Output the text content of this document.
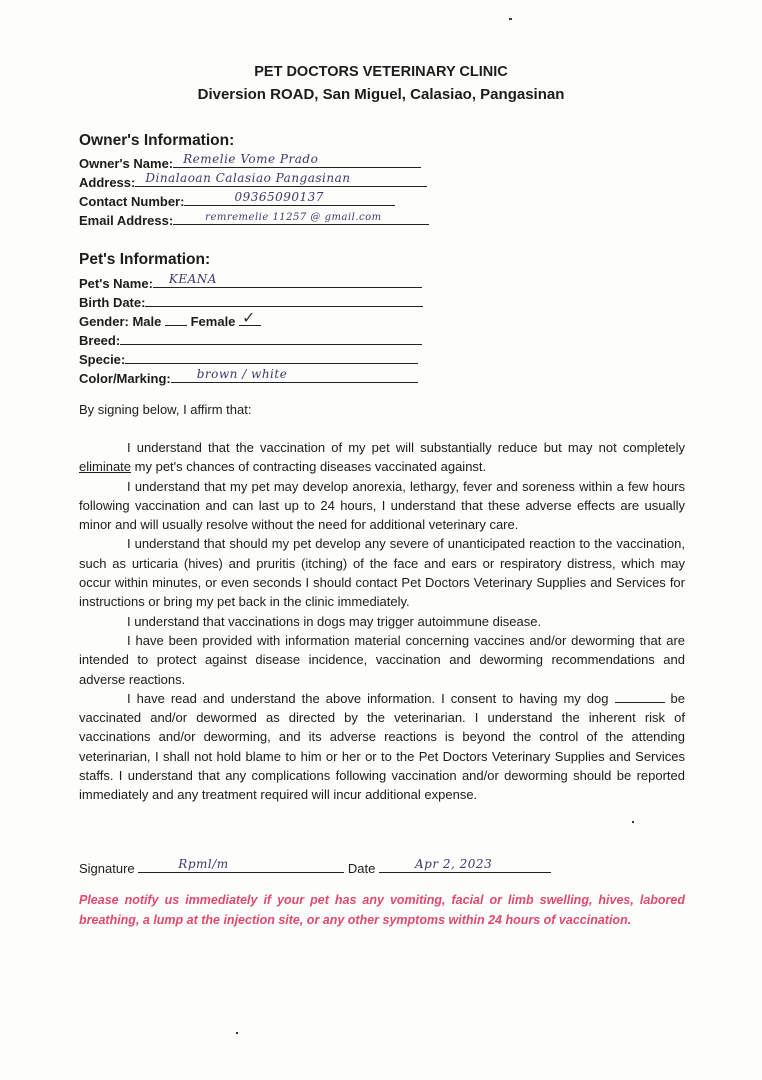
PET DOCTORS VETERINARY CLINIC
Diversion ROAD, San Miguel, Calasiao, Pangasinan
Owner's Information:
Owner's Name: Remelie Vome Prado
Address: Dinalaoan Calasiao Pangasinan
Contact Number:	09365090137
Email Address:	remremelie 11257 @ gmail.com
Pet's Information:
Pet's Name: KEANA
Birth Date:
Gender: Male Female ✓
Breed:
Specie:
Color/Marking: brown / white
By signing below, I affirm that:

I understand that the vaccination of my pet will substantially reduce but may not completely eliminate my pet's chances of contracting diseases vaccinated against.

I understand that my pet may develop anorexia, lethargy, fever and soreness within a few hours following vaccination and can last up to 24 hours, I understand that these adverse effects are usually minor and will usually resolve without the need for additional veterinary care.

I understand that should my pet develop any severe of unanticipated reaction to the vaccination, such as urticaria (hives) and pruritis (itching) of the face and ears or respiratory distress, which may occur within minutes, or even seconds I should contact Pet Doctors Veterinary Supplies and Services for instructions or bring my pet back in the clinic immediately.

I understand that vaccinations in dogs may trigger autoimmune disease.

I have been provided with information material concerning vaccines and/or deworming that are intended to protect against disease incidence, vaccination and deworming recommendations and adverse reactions.

I have read and understand the above information. I consent to having my dog	be vaccinated and/or dewormed as directed by the veterinarian. I understand the inherent risk of vaccinations and/or deworming, and its adverse reactions is beyond the control of the attending veterinarian, I shall not hold blame to him or her or to the Pet Doctors Veterinary Supplies and Services staffs. I understand that any complications following vaccination and/or deworming should be reported immediately and any treatment required will incur additional expense.

Signature	Rpml/m	Date	Apr 2, 2023
Please notify us immediately if your pet has any vomiting, facial or limb swelling, hives, labored breathing, a lump at the injection site, or any other symptoms within 24 hours of vaccination.
